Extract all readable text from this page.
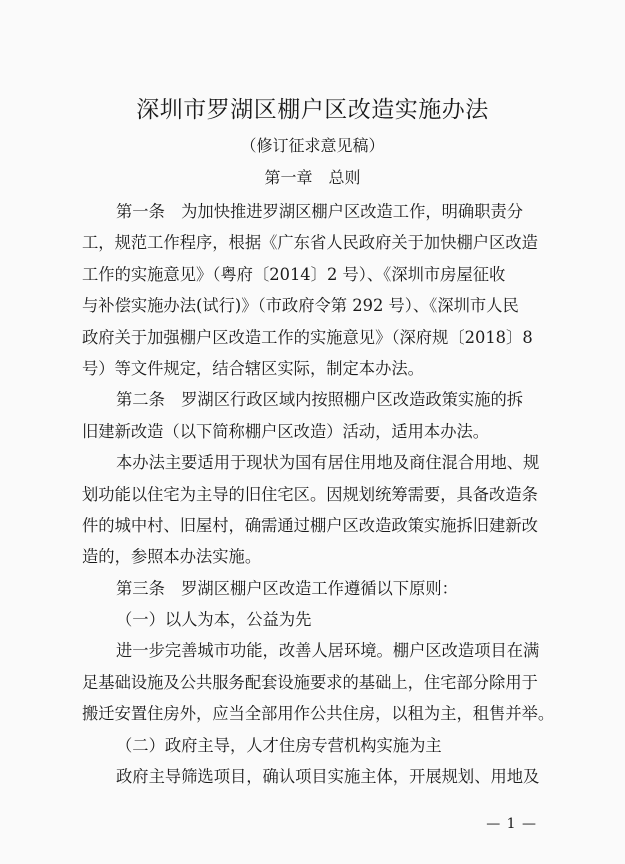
深圳市罗湖区棚户区改造实施办法
（修订征求意见稿）
第一章　总则
第一条　为加快推进罗湖区棚户区改造工作，明确职责分
工，规范工作程序，根据《广东省人民政府关于加快棚户区改造
工作的实施意见》（粤府〔2014〕2 号）、《深圳市房屋征收
与补偿实施办法(试行)》（市政府令第 292 号）、《深圳市人民
政府关于加强棚户区改造工作的实施意见》（深府规〔2018〕8
号）等文件规定，结合辖区实际，制定本办法。
第二条　罗湖区行政区域内按照棚户区改造政策实施的拆
旧建新改造（以下简称棚户区改造）活动，适用本办法。
本办法主要适用于现状为国有居住用地及商住混合用地、规
划功能以住宅为主导的旧住宅区。因规划统筹需要，具备改造条
件的城中村、旧屋村，确需通过棚户区改造政策实施拆旧建新改
造的，参照本办法实施。
第三条　罗湖区棚户区改造工作遵循以下原则：
（一）以人为本，公益为先
进一步完善城市功能，改善人居环境。棚户区改造项目在满
足基础设施及公共服务配套设施要求的基础上，住宅部分除用于
搬迁安置住房外，应当全部用作公共住房，以租为主，租售并举。
（二）政府主导，人才住房专营机构实施为主
政府主导筛选项目，确认项目实施主体，开展规划、用地及
— 1 —
